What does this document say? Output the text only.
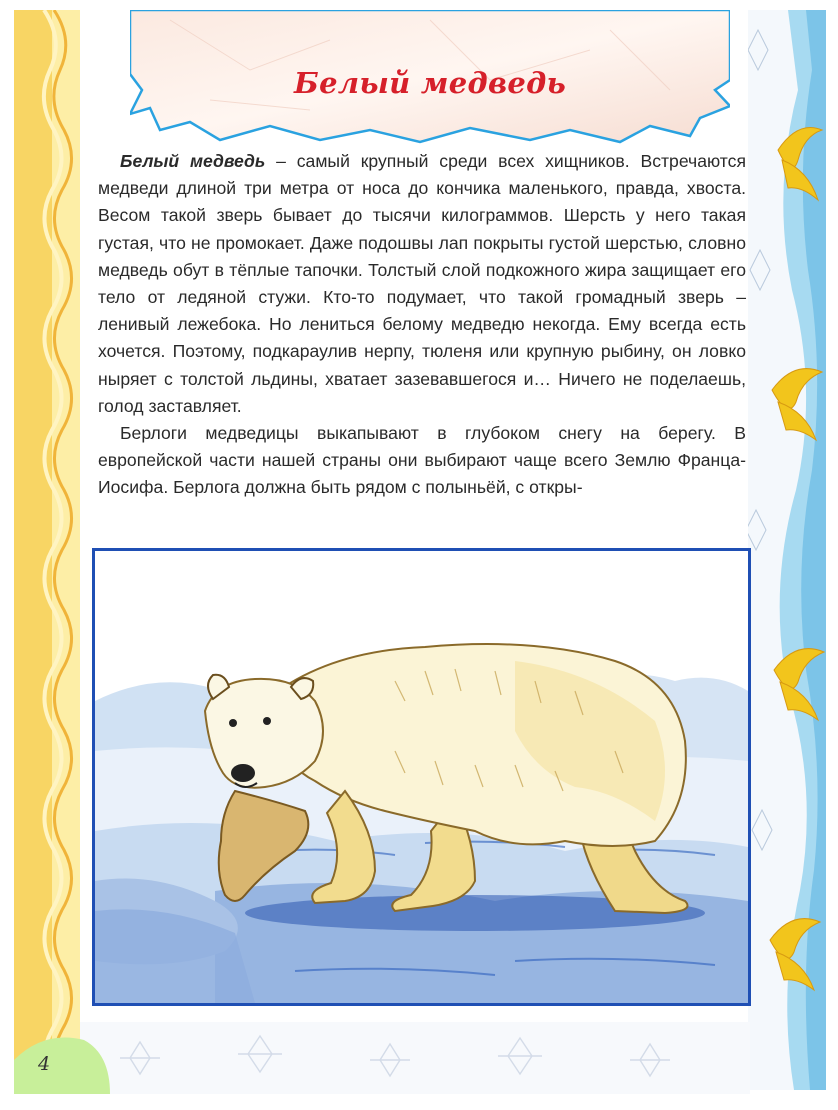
Белый медведь

Белый медведь – самый крупный среди всех хищников. Встречаются медведи длиной три метра от носа до кончика маленького, правда, хвоста. Весом такой зверь бывает до тысячи килограммов. Шерсть у него такая густая, что не промокает. Даже подошвы лап покрыты густой шерстью, словно медведь обут в тёплые тапочки. Толстый слой подкожного жира защищает его тело от ледяной стужи. Кто-то подумает, что такой громадный зверь – ленивый лежебока. Но лениться белому медведю некогда. Ему всегда есть хочется. Поэтому, подкараулив нерпу, тюленя или крупную рыбину, он ловко ныряет с толстой льдины, хватает зазевавшегося и… Ничего не поделаешь, голод заставляет.

Берлоги медведицы выкапывают в глубоком снегу на берегу. В европейской части нашей страны они выбирают чаще всего Землю Франца-Иосифа. Берлога должна быть рядом с полыньёй, с откры-

4
